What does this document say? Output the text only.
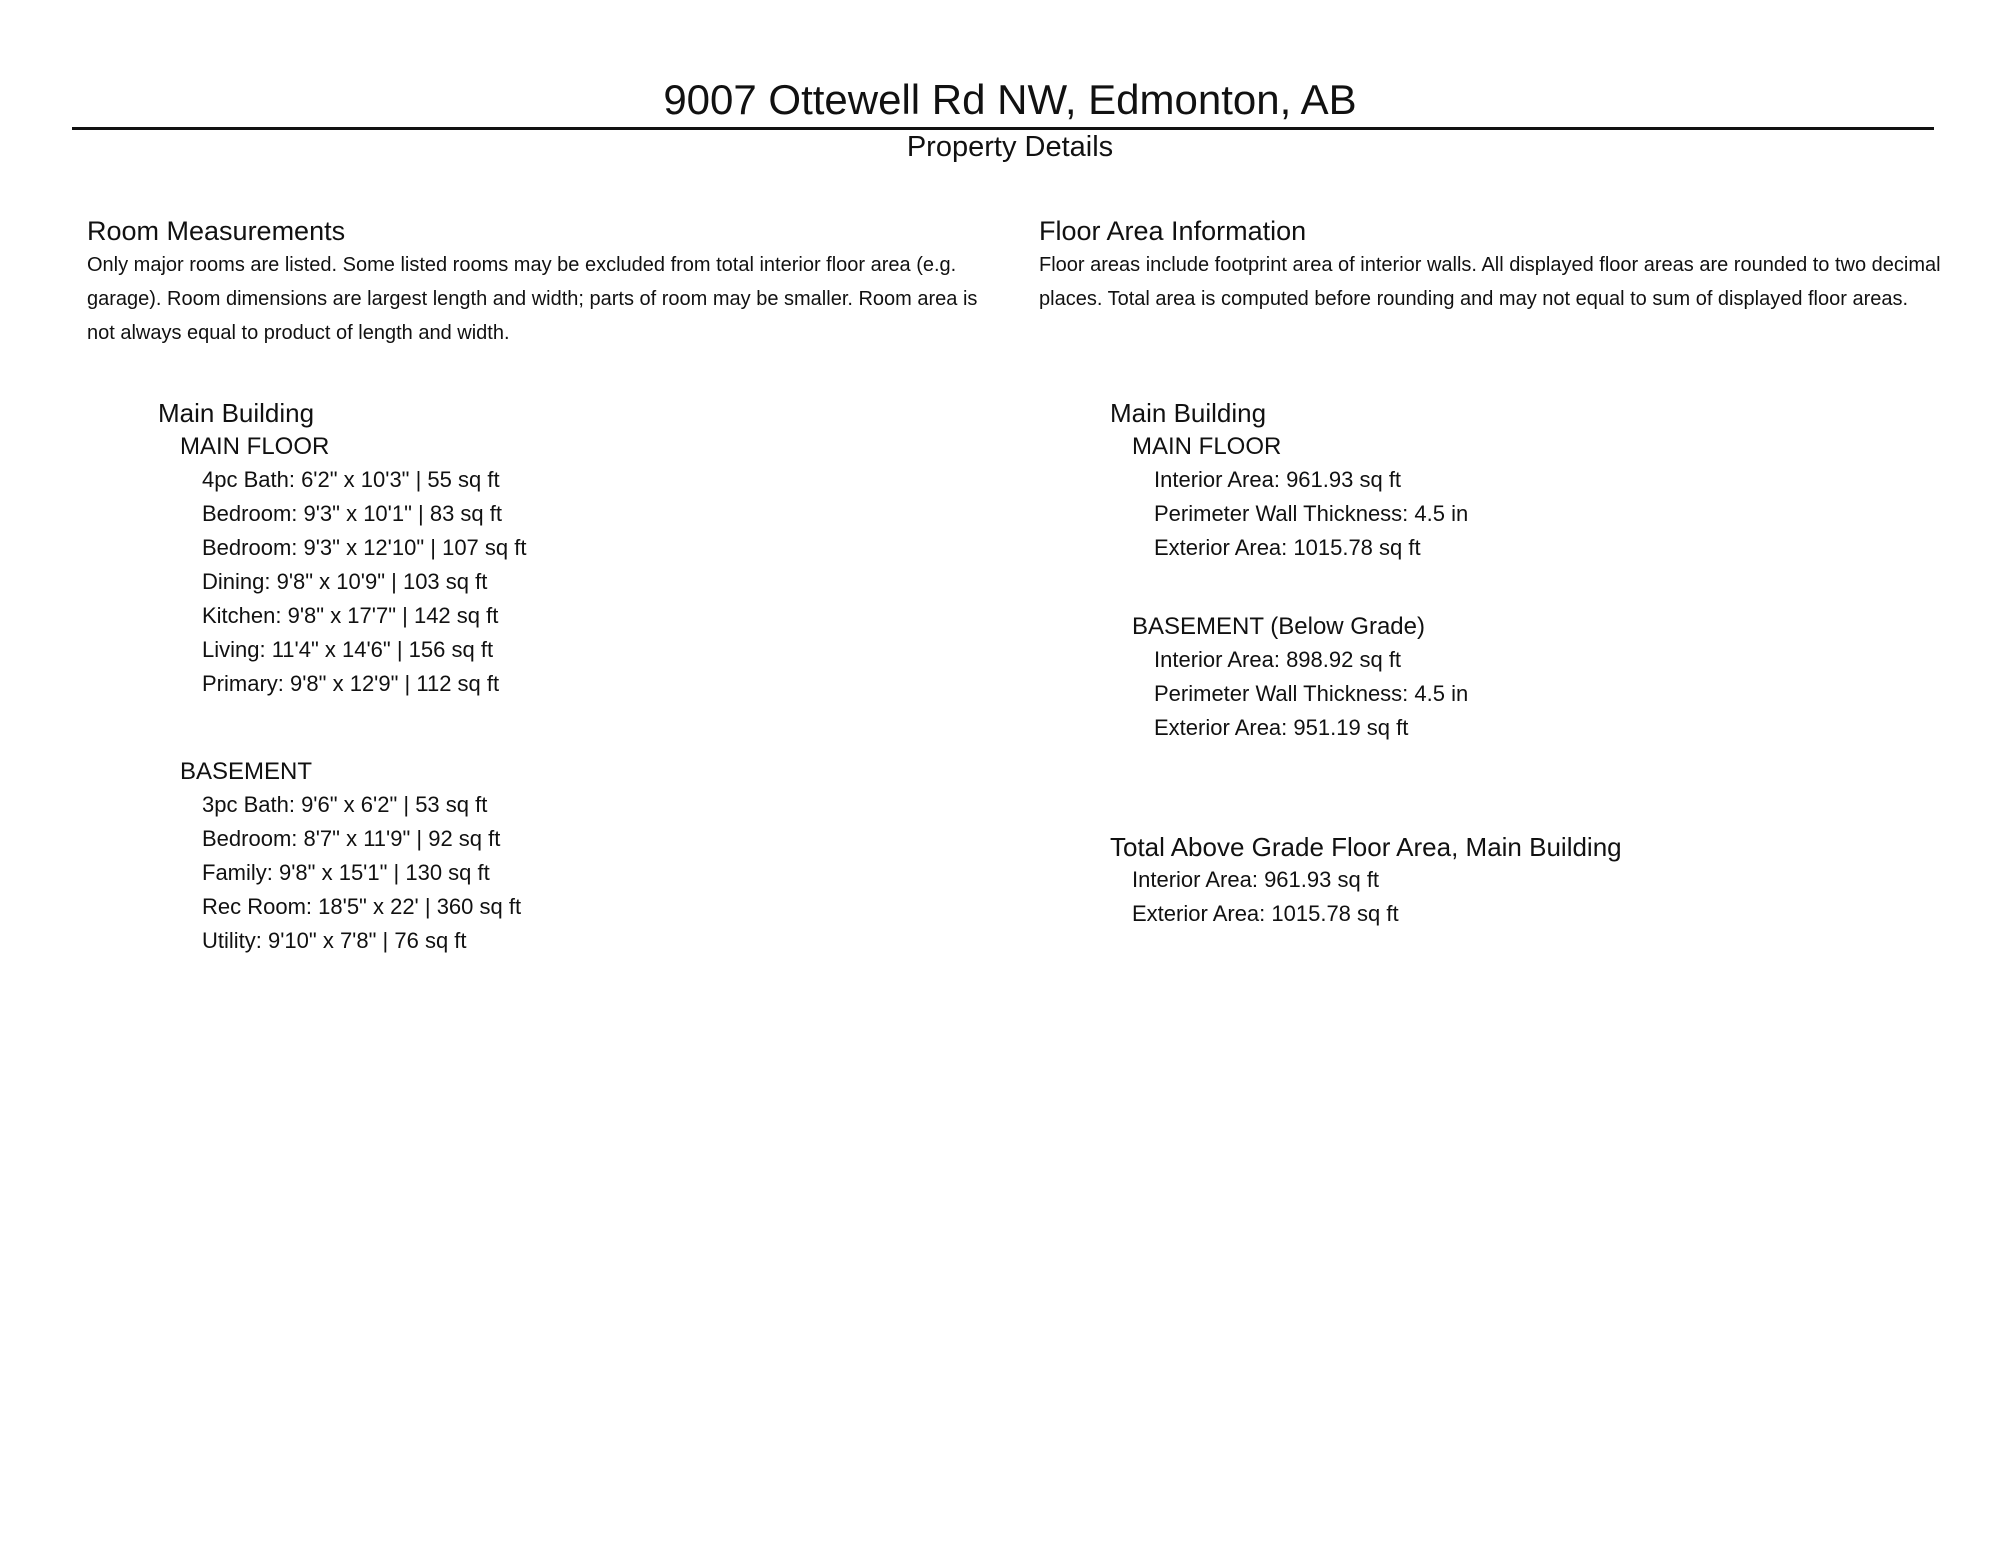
9007 Ottewell Rd NW, Edmonton, AB
Property Details
Room Measurements
Only major rooms are listed. Some listed rooms may be excluded from total interior floor area (e.g. garage). Room dimensions are largest length and width; parts of room may be smaller. Room area is not always equal to product of length and width.
Main Building
MAIN FLOOR
4pc Bath: 6'2" x 10'3" | 55 sq ft
Bedroom: 9'3" x 10'1" | 83 sq ft
Bedroom: 9'3" x 12'10" | 107 sq ft
Dining: 9'8" x 10'9" | 103 sq ft
Kitchen: 9'8" x 17'7" | 142 sq ft
Living: 11'4" x 14'6" | 156 sq ft
Primary: 9'8" x 12'9" | 112 sq ft
BASEMENT
3pc Bath: 9'6" x 6'2" | 53 sq ft
Bedroom: 8'7" x 11'9" | 92 sq ft
Family: 9'8" x 15'1" | 130 sq ft
Rec Room: 18'5" x 22' | 360 sq ft
Utility: 9'10" x 7'8" | 76 sq ft
Floor Area Information
Floor areas include footprint area of interior walls. All displayed floor areas are rounded to two decimal places. Total area is computed before rounding and may not equal to sum of displayed floor areas.
Main Building
MAIN FLOOR
Interior Area: 961.93 sq ft
Perimeter Wall Thickness: 4.5 in
Exterior Area: 1015.78 sq ft
BASEMENT (Below Grade)
Interior Area: 898.92 sq ft
Perimeter Wall Thickness: 4.5 in
Exterior Area: 951.19 sq ft
Total Above Grade Floor Area, Main Building
Interior Area: 961.93 sq ft
Exterior Area: 1015.78 sq ft
